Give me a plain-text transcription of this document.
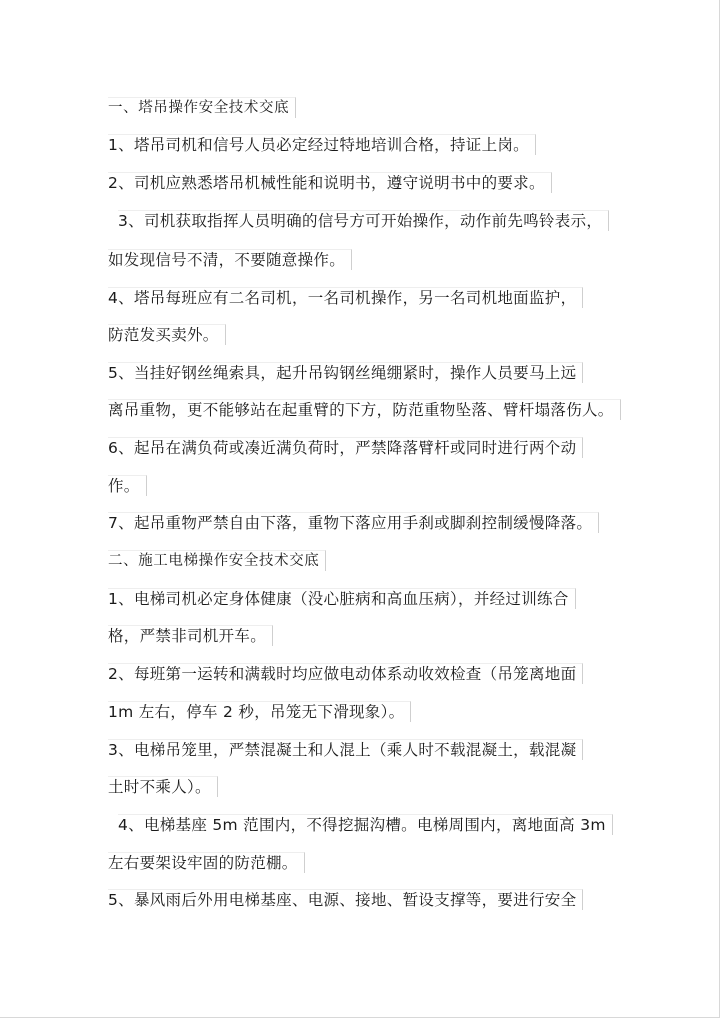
一、塔吊操作安全技术交底
1、塔吊司机和信号人员必定经过特地培训合格，持证上岗。
2、司机应熟悉塔吊机械性能和说明书，遵守说明书中的要求。
3、司机获取指挥人员明确的信号方可开始操作，动作前先鸣铃表示，
如发现信号不清，不要随意操作。
4、塔吊每班应有二名司机，一名司机操作，另一名司机地面监护，
防范发买卖外。
5、当挂好钢丝绳索具，起升吊钩钢丝绳绷紧时，操作人员要马上远
离吊重物，更不能够站在起重臂的下方，防范重物坠落、臂杆塌落伤人。
6、起吊在满负荷或凑近满负荷时，严禁降落臂杆或同时进行两个动
作。
7、起吊重物严禁自由下落，重物下落应用手刹或脚刹控制缓慢降落。
二、施工电梯操作安全技术交底
1、电梯司机必定身体健康（没心脏病和高血压病），并经过训练合
格，严禁非司机开车。
2、每班第一运转和满载时均应做电动体系动收效检查（吊笼离地面
1m 左右，停车 2 秒，吊笼无下滑现象）。
3、电梯吊笼里，严禁混凝土和人混上（乘人时不载混凝土，载混凝
土时不乘人）。
4、电梯基座 5m 范围内，不得挖掘沟槽。电梯周围内，离地面高 3m
左右要架设牢固的防范棚。
5、暴风雨后外用电梯基座、电源、接地、暂设支撑等，要进行安全
